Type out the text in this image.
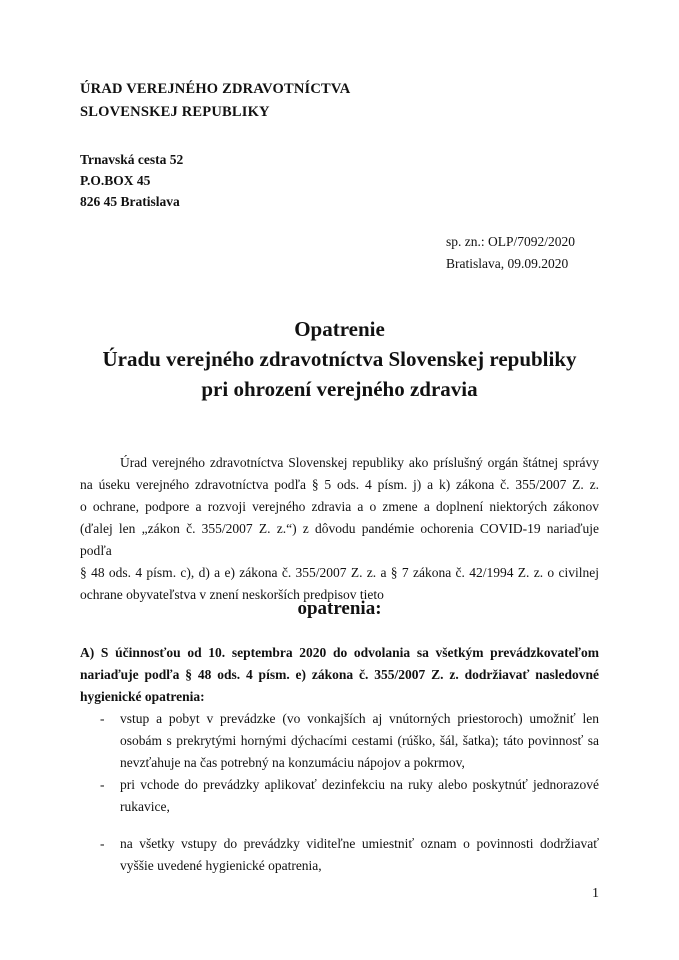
ÚRAD VEREJNÉHO ZDRAVOTNÍCTVA
SLOVENSKEJ REPUBLIKY
Trnavská cesta 52
P.O.BOX 45
826 45 Bratislava
sp. zn.: OLP/7092/2020
Bratislava, 09.09.2020
Opatrenie
Úradu verejného zdravotníctva Slovenskej republiky
pri ohrození verejného zdravia
Úrad verejného zdravotníctva Slovenskej republiky ako príslušný orgán štátnej správy
na úseku verejného zdravotníctva podľa § 5 ods. 4 písm. j) a k) zákona č. 355/2007 Z. z.
o ochrane, podpore a rozvoji verejného zdravia a o zmene a doplnení niektorých zákonov
(ďalej len „zákon č. 355/2007 Z. z.“) z dôvodu pandémie ochorenia COVID-19 nariaďuje podľa
§ 48 ods. 4 písm. c), d) a e) zákona č. 355/2007 Z. z. a § 7 zákona č. 42/1994 Z. z. o civilnej
ochrane obyvateľstva v znení neskorších predpisov tieto
opatrenia:
A) S účinnosťou od 10. septembra 2020 do odvolania sa všetkým prevádzkovateľom
nariaďuje podľa § 48 ods. 4 písm. e) zákona č. 355/2007 Z. z. dodržiavať nasledovné
hygienické opatrenia:
- vstup a pobyt v prevádzke (vo vonkajších aj vnútorných priestoroch) umožniť len
osobám s prekrytými hornými dýchacími cestami (rúško, šál, šatka); táto povinnosť sa
nevzťahuje na čas potrebný na konzumáciu nápojov a pokrmov,
- pri vchode do prevádzky aplikovať dezinfekciu na ruky alebo poskytnúť jednorazové
rukavice,
- na všetky vstupy do prevádzky viditeľne umiestniť oznam o povinnosti dodržiavať
vyššie uvedené hygienické opatrenia,
1
